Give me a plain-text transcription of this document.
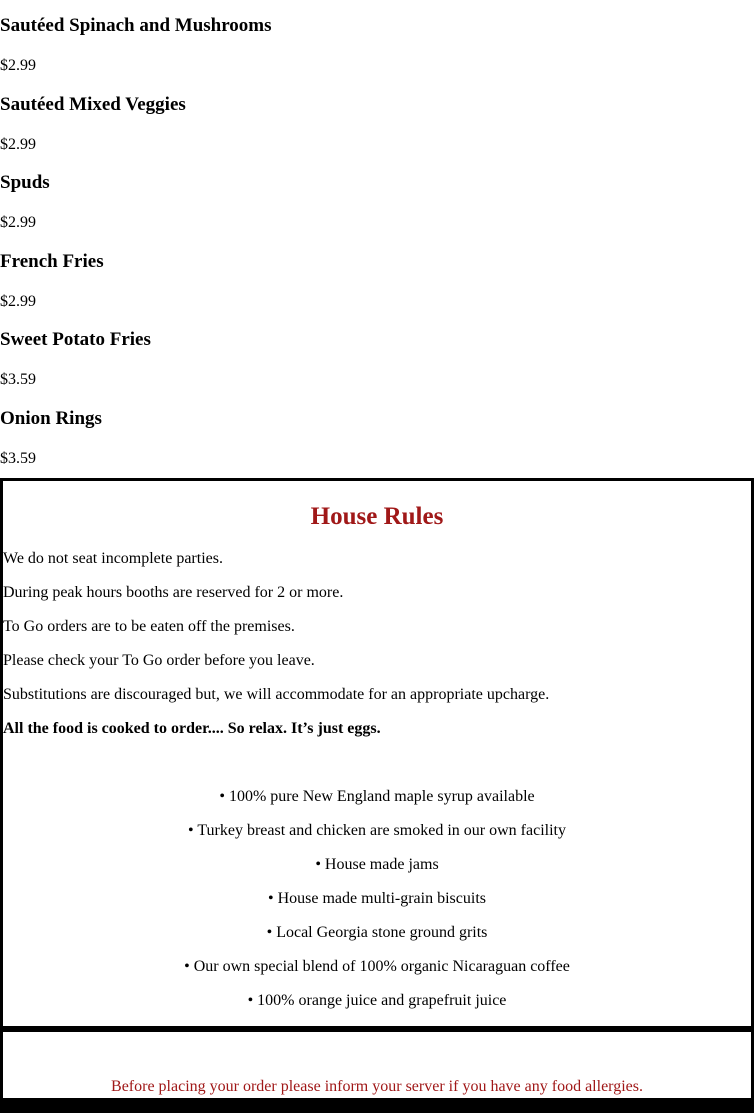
Sautéed Spinach and Mushrooms

$2.99

Sautéed Mixed Veggies

$2.99

Spuds

$2.99

French Fries

$2.99

Sweet Potato Fries

$3.59

Onion Rings

$3.59

House Rules

We do not seat incomplete parties.

During peak hours booths are reserved for 2 or more.

To Go orders are to be eaten off the premises.

Please check your To Go order before you leave.

Substitutions are discouraged but, we will accommodate for an appropriate upcharge.

All the food is cooked to order.... So relax. It’s just eggs.

• 100% pure New England maple syrup available

• Turkey breast and chicken are smoked in our own facility

• House made jams

• House made multi-grain biscuits

• Local Georgia stone ground grits

• Our own special blend of 100% organic Nicaraguan coffee

• 100% orange juice and grapefruit juice

Before placing your order please inform your server if you have any food allergies.
